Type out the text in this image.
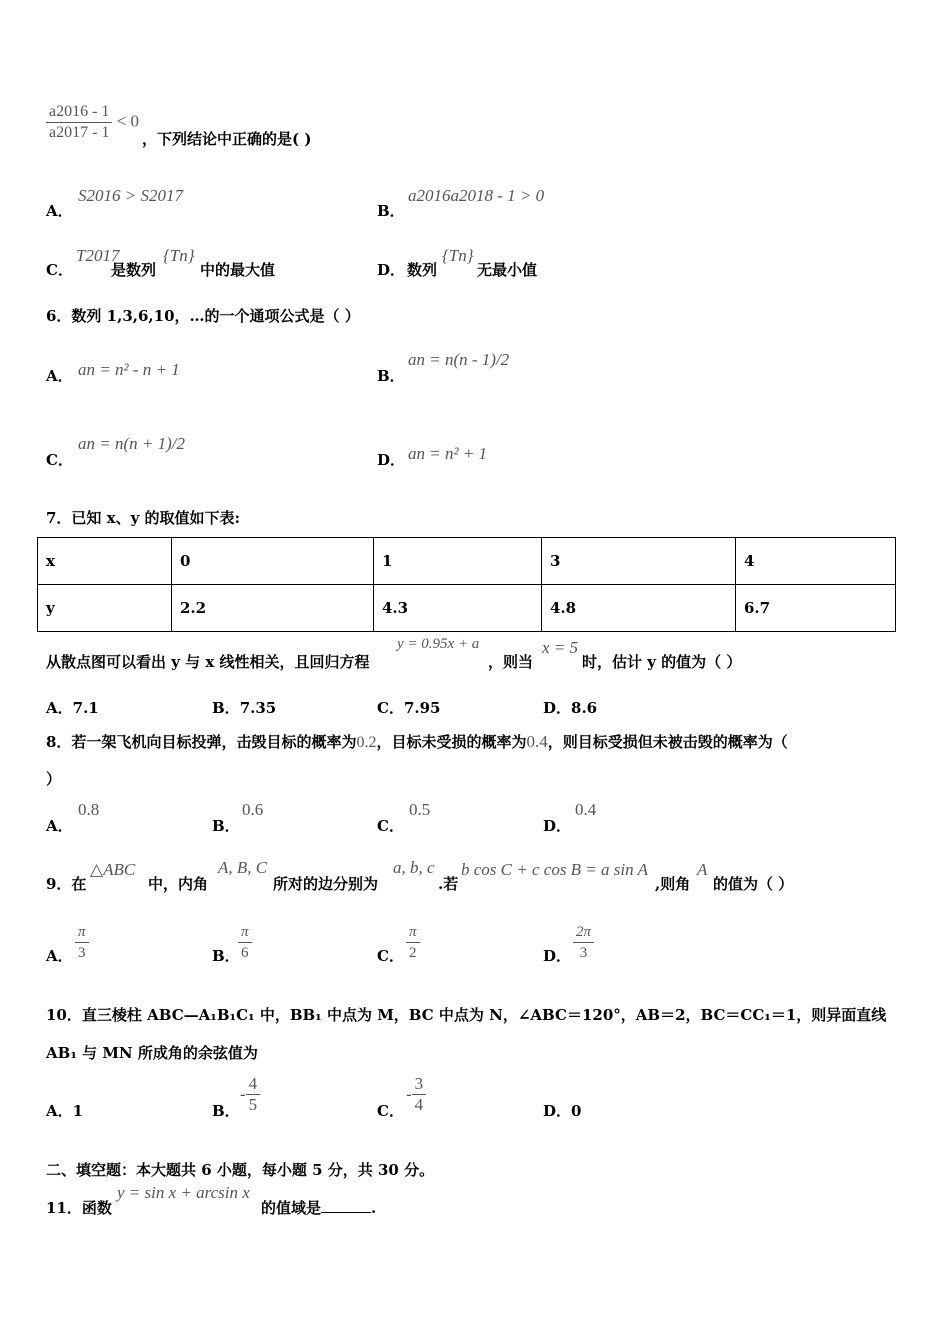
$\frac{a2016 - 1}{a2017 - 1} < 0$
，下列结论中正确的是( )
A．
S2016 > S2017
B．
a2016a2018 - 1 > 0
C．
T2017
是数列
{Tn}
中的最大值	D． 数列
{Tn}
无最小值
6．数列 1,3,6,10，…的一个通项公式是（ ）
A． an = n² - n + 1	B．
an = n(n - 1)/2
C．
an = n(n + 1)/2
D． an = n² + 1
7．已知 x、y 的取值如下表:
x	0	1	3	4
y	2.2	4.3	4.8	6.7
从散点图可以看出 y 与 x 线性相关，且回归方程
y = 0.95x + a
，则当
x = 5
时，估计 y 的值为（ ）
A．7.1	B．7.35	C．7.95	D．8.6
8．若一架飞机向目标投弹，击毁目标的概率为0.2，目标未受损的概率为0.4，则目标受损但未被击毁的概率为（
）
A．
0.8
B．
0.6
C．
0.5
D．
0.4
9．在
△ABC
中，内角
A, B, C
所对的边分别为
a, b, c
.若
b cos C + c cos B = a sin A
,则角
A
的值为（ ）
A． $\frac{\pi}{3}$	B．
$\frac{\pi}{6}$	C． $\frac{\pi}{2}$	D． $\frac{2\pi}{3}$
10．直三棱柱 ABC—A₁B₁C₁ 中，BB₁ 中点为 M，BC 中点为 N，∠ABC＝120°，AB＝2，BC＝CC₁＝1，则异面直线
AB₁ 与 MN 所成角的余弦值为
A．1	B．
- $\frac{4}{5}$	C．
- $\frac{3}{4}$	D．0
二、填空题：本大题共 6 小题，每小题 5 分，共 30 分。
11．函数
y = sin x + arcsin x
的值域是	.
